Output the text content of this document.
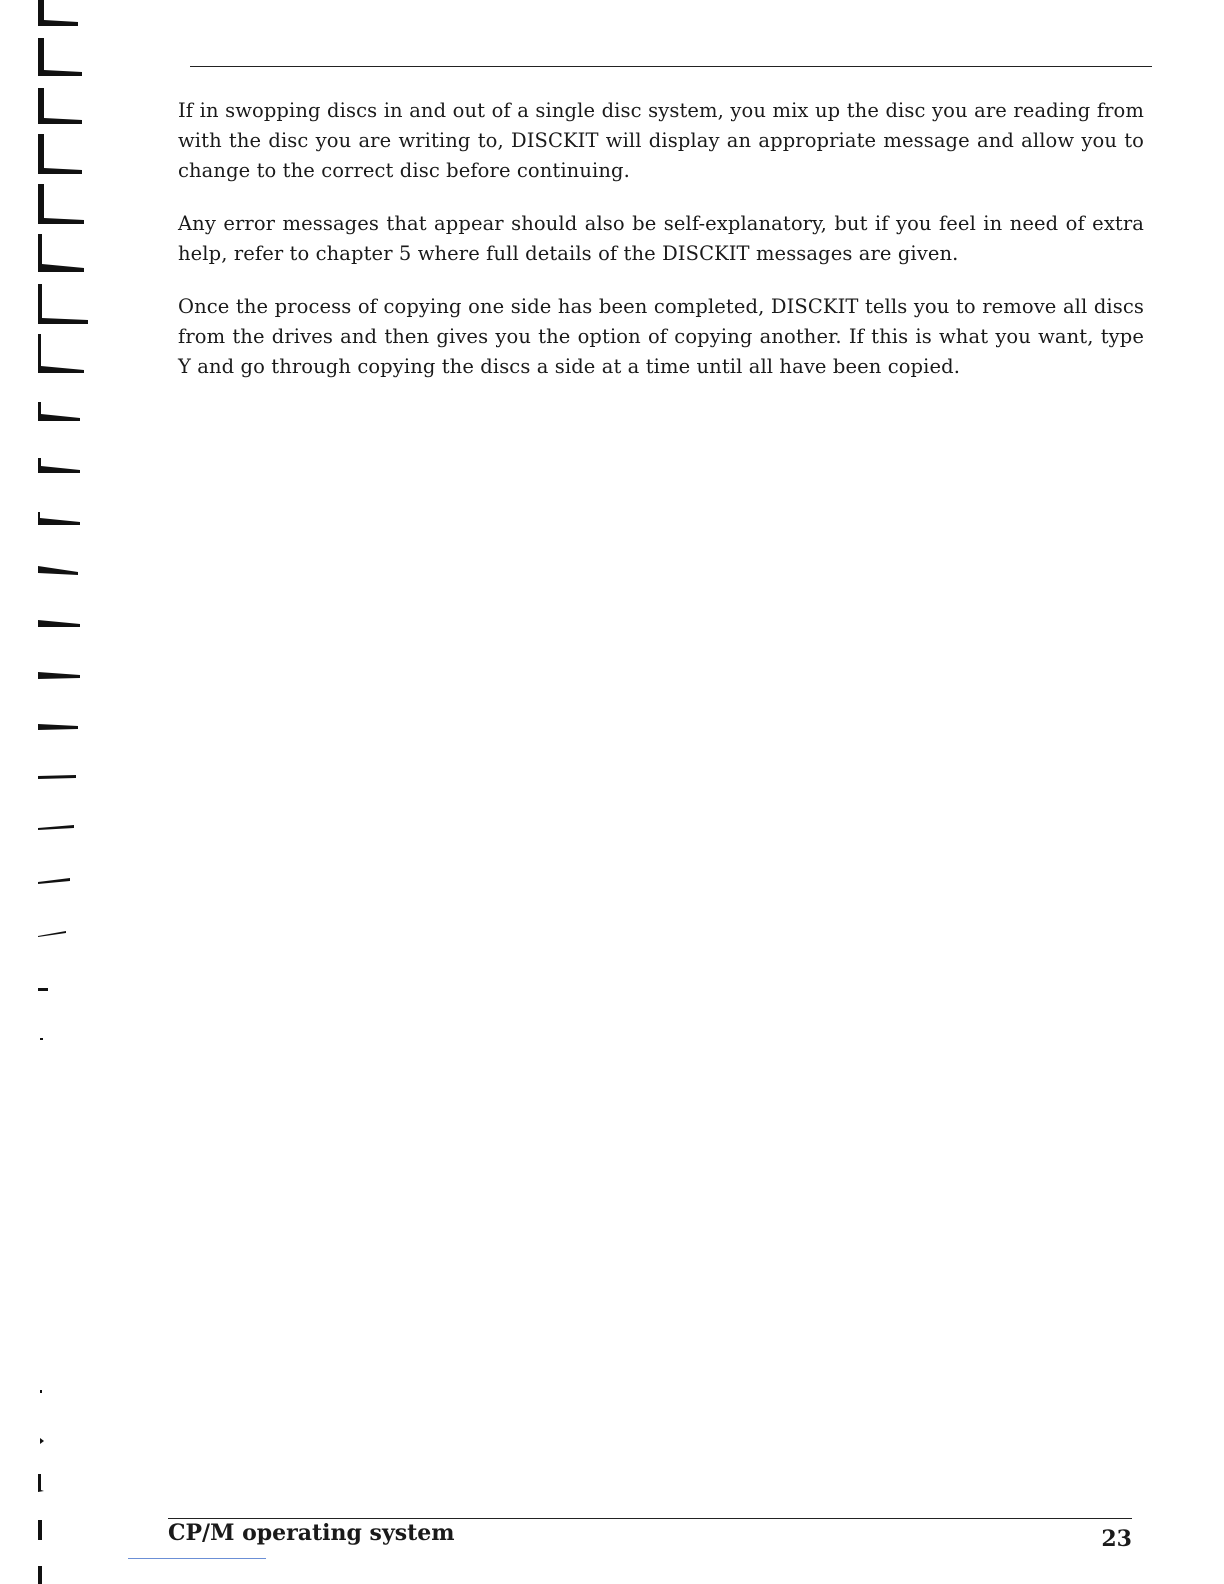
If in swopping discs in and out of a single disc system, you mix up the disc you are reading from with the disc you are writing to, DISCKIT will display an appropriate message and allow you to change to the correct disc before continuing.

Any error messages that appear should also be self-explanatory, but if you feel in need of extra help, refer to chapter 5 where full details of the DISCKIT messages are given.

Once the process of copying one side has been completed, DISCKIT tells you to remove all discs from the drives and then gives you the option of copying another. If this is what you want, type Y and go through copying the discs a side at a time until all have been copied.

CP/M operating system	23
